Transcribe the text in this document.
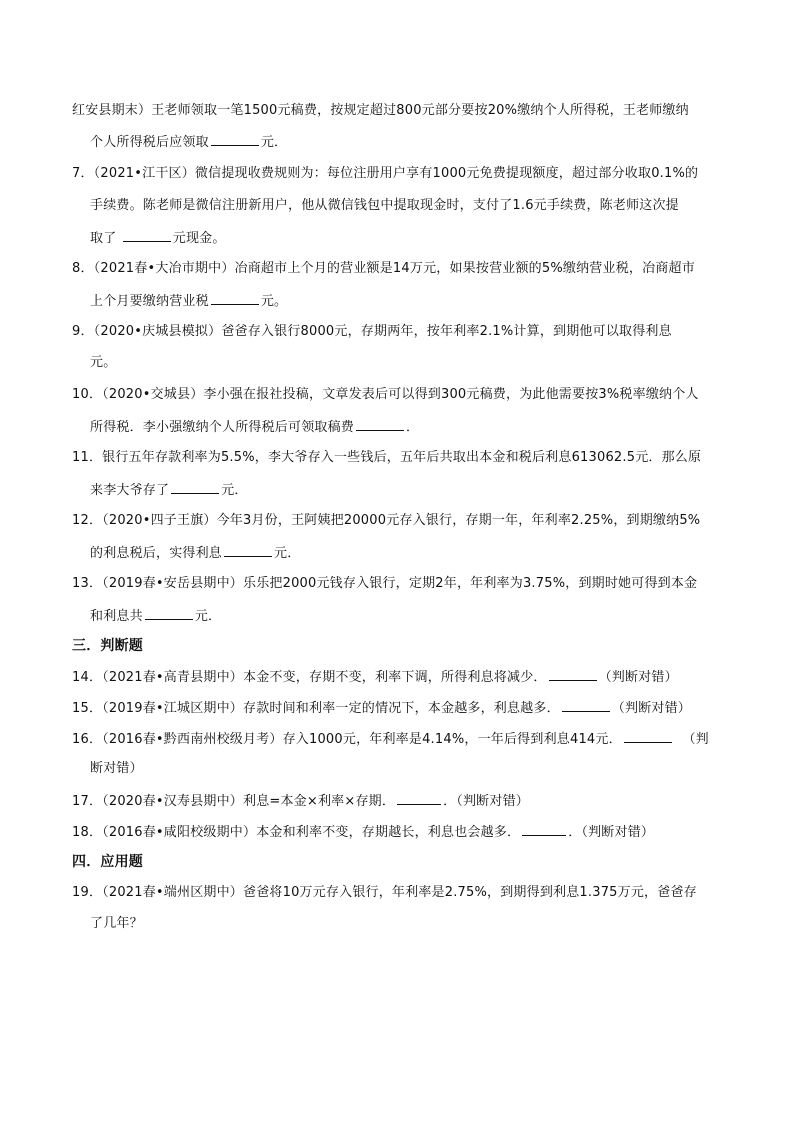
红安县期末）王老师领取一笔1500元稿费，按规定超过800元部分要按20%缴纳个人所得税，王老师缴纳
个人所得税后应领取	元．
7．（2021•江干区）微信提现收费规则为：每位注册用户享有1000元免费提现额度，超过部分收取0.1%的
手续费。陈老师是微信注册新用户，他从微信钱包中提取现金时，支付了1.6元手续费，陈老师这次提
取了	元现金。
8．（2021春•大冶市期中）冶商超市上个月的营业额是14万元，如果按营业额的5%缴纳营业税，冶商超市
上个月要缴纳营业税	元。
9．（2020•庆城县模拟）爸爸存入银行8000元，存期两年，按年利率2.1%计算，到期他可以取得利息
元。
10．（2020•交城县）李小强在报社投稿，文章发表后可以得到300元稿费，为此他需要按3%税率缴纳个人
所得税．李小强缴纳个人所得税后可领取稿费	．
11．银行五年存款利率为5.5%，李大爷存入一些钱后，五年后共取出本金和税后利息613062.5元．那么原
来李大爷存了	元．
12．（2020•四子王旗）今年3月份，王阿姨把20000元存入银行，存期一年，年利率2.25%，到期缴纳5%
的利息税后，实得利息	元．
13．（2019春•安岳县期中）乐乐把2000元钱存入银行，定期2年，年利率为3.75%，到期时她可得到本金
和利息共	元．
三．判断题
14．（2021春•高青县期中）本金不变，存期不变，利率下调，所得利息将减少．	（判断对错）
15．（2019春•江城区期中）存款时间和利率一定的情况下，本金越多，利息越多．	（判断对错）
16．（2016春•黔西南州校级月考）存入1000元，年利率是4.14%，一年后得到利息414元．	（判
断对错）
17．（2020春•汉寿县期中）利息=本金×利率×存期．	．（判断对错）
18．（2016春•咸阳校级期中）本金和利率不变，存期越长，利息也会越多．	．（判断对错）
四．应用题
19．（2021春•端州区期中）爸爸将10万元存入银行，年利率是2.75%，到期得到利息1.375万元，爸爸存
了几年？
